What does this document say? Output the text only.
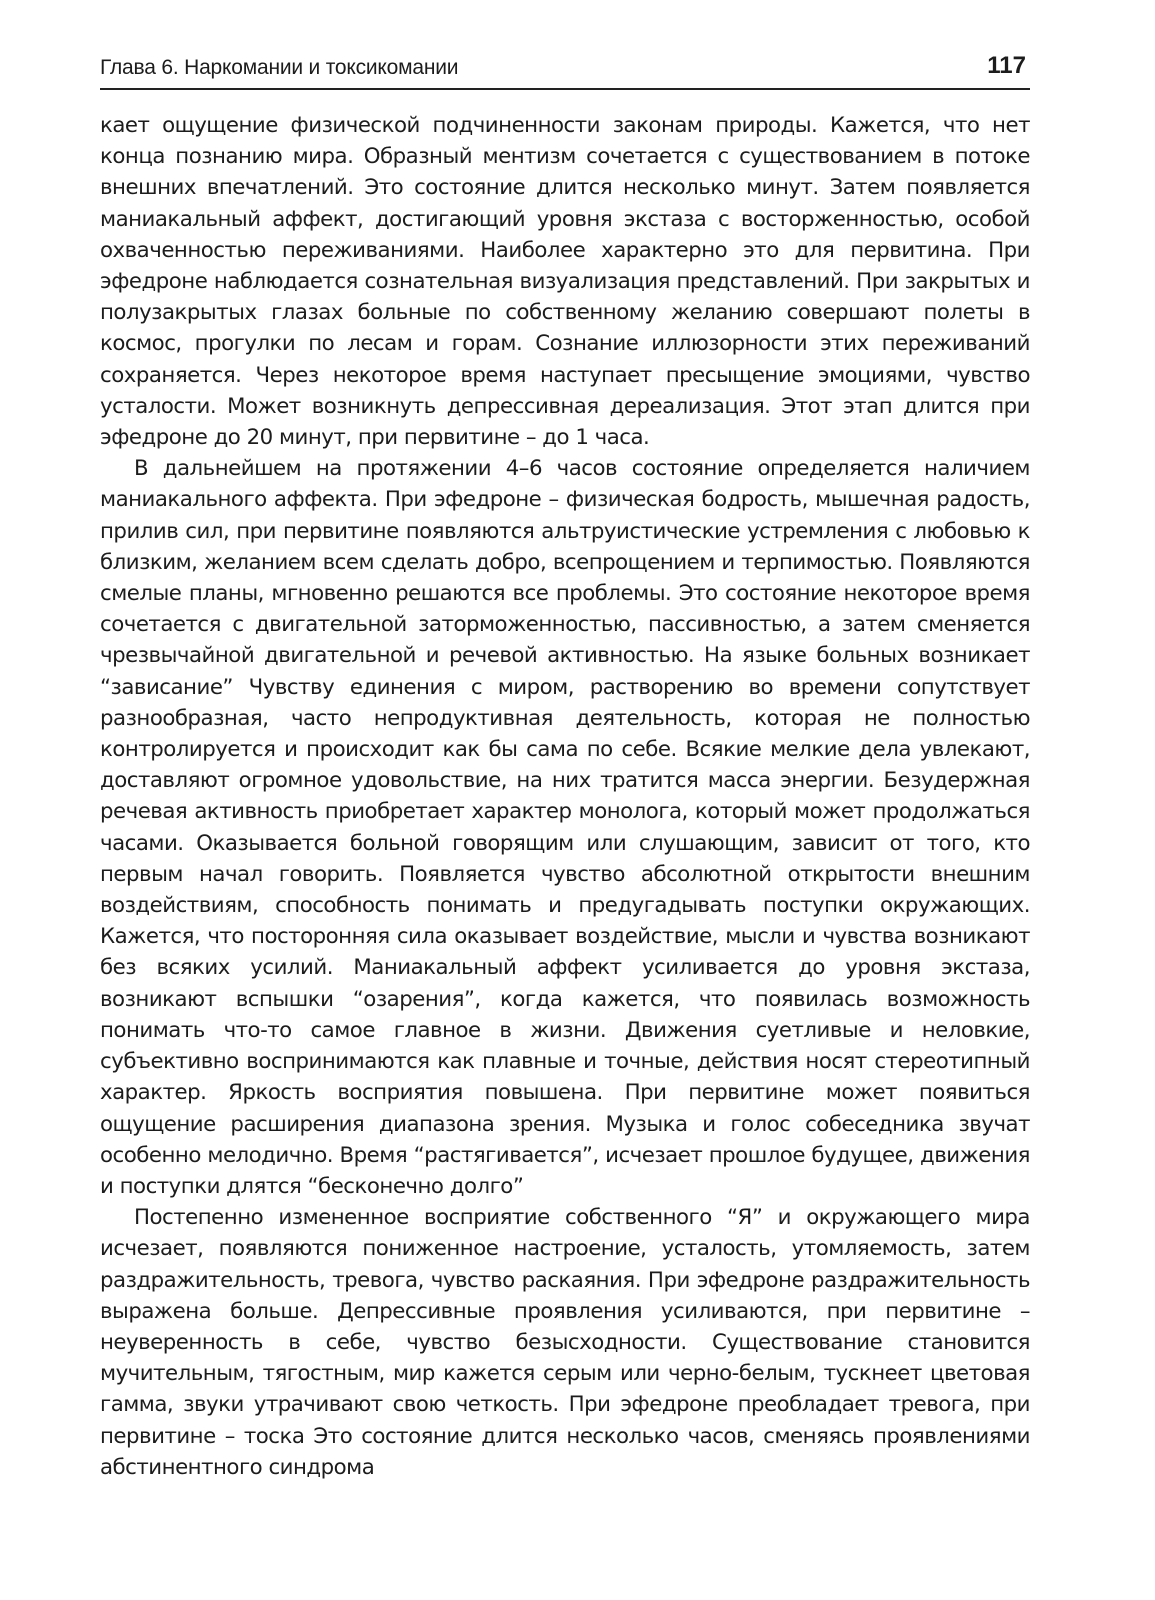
Глава 6. Наркомании и токсикомании	117

кает ощущение физической подчиненности законам природы. Кажется, что нет конца познанию мира. Образный ментизм сочетается с существованием в потоке внешних впечатлений. Это состояние длится несколько минут. Затем появляется маниакальный аффект, достигающий уровня экстаза с восторженностью, особой охваченностью переживаниями. Наиболее характерно это для первитина. При эфедроне наблюдается сознательная визуализация представлений. При закрытых и полузакрытых глазах больные по собственному желанию совершают полеты в космос, прогулки по лесам и горам. Сознание иллюзорности этих переживаний сохраняется. Через некоторое время наступает пресыщение эмоциями, чувство усталости. Может возникнуть депрессивная дереализация. Этот этап длится при эфедроне до 20 минут, при первитине – до 1 часа.

В дальнейшем на протяжении 4–6 часов состояние определяется наличием маниакального аффекта. При эфедроне – физическая бодрость, мышечная радость, прилив сил, при первитине появляются альтруистические устремления с любовью к близким, желанием всем сделать добро, всепрощением и терпимостью. Появляются смелые планы, мгновенно решаются все проблемы. Это состояние некоторое время сочетается с двигательной заторможенностью, пассивностью, а затем сменяется чрезвычайной двигательной и речевой активностью. На языке больных возникает “зависание” Чувству единения с миром, растворению во времени сопутствует разнообразная, часто непродуктивная деятельность, которая не полностью контролируется и происходит как бы сама по себе. Всякие мелкие дела увлекают, доставляют огромное удовольствие, на них тратится масса энергии. Безудержная речевая активность приобретает характер монолога, который может продолжаться часами. Оказывается больной говорящим или слушающим, зависит от того, кто первым начал говорить. Появляется чувство абсолютной открытости внешним воздействиям, способность понимать и предугадывать поступки окружающих. Кажется, что посторонняя сила оказывает воздействие, мысли и чувства возникают без всяких усилий. Маниакальный аффект усиливается до уровня экстаза, возникают вспышки “озарения”, когда кажется, что появилась возможность понимать что-то самое главное в жизни. Движения суетливые и неловкие, субъективно воспринимаются как плавные и точные, действия носят стереотипный характер. Яркость восприятия повышена. При первитине может появиться ощущение расширения диапазона зрения. Музыка и голос собеседника звучат особенно мелодично. Время “растягивается”, исчезает прошлое будущее, движения и поступки длятся “бесконечно долго”

Постепенно измененное восприятие собственного “Я” и окружающего мира исчезает, появляются пониженное настроение, усталость, утомляемость, затем раздражительность, тревога, чувство раскаяния. При эфедроне раздражительность выражена больше. Депрессивные проявления усиливаются, при первитине – неуверенность в себе, чувство безысходности. Существование становится мучительным, тягостным, мир кажется серым или черно-белым, тускнеет цветовая гамма, звуки утрачивают свою четкость. При эфедроне преобладает тревога, при первитине – тоска Это состояние длится несколько часов, сменяясь проявлениями абстинентного синдрома
